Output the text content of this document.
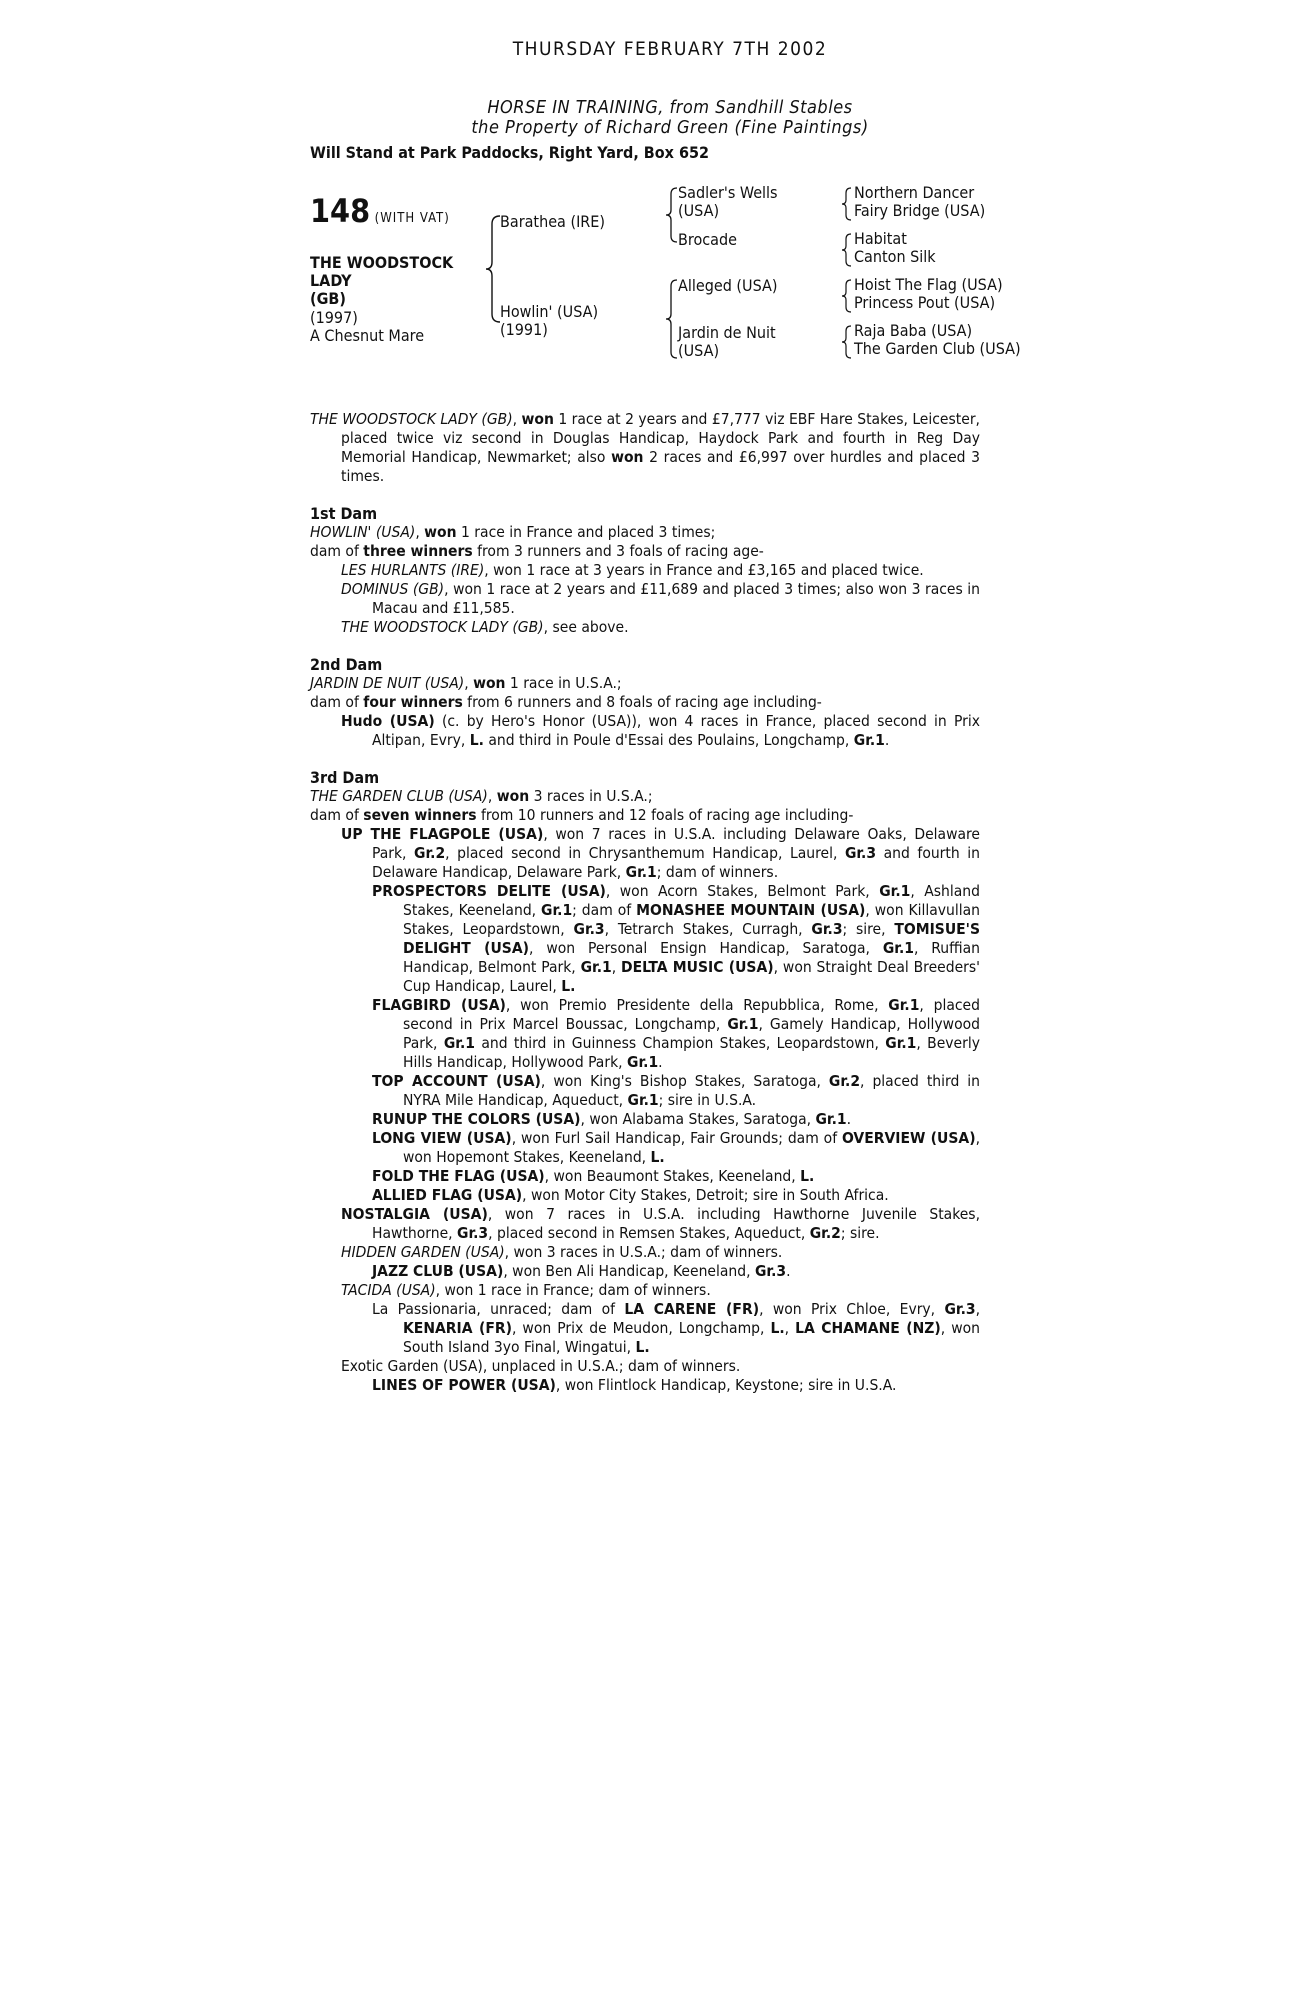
THURSDAY FEBRUARY 7TH 2002
HORSE IN TRAINING, from Sandhill Stables
the Property of Richard Green (Fine Paintings)
Will Stand at Park Paddocks, Right Yard, Box 652
148 (WITH VAT)
THE WOODSTOCK
LADY
(GB)
(1997)
A Chesnut Mare
Barathea (IRE)
Howlin' (USA)
(1991)
Sadler's Wells
(USA)
Brocade
Alleged (USA)
Jardin de Nuit
(USA)
Northern Dancer
Fairy Bridge (USA)
Habitat
Canton Silk
Hoist The Flag (USA)
Princess Pout (USA)
Raja Baba (USA)
The Garden Club (USA)

THE WOODSTOCK LADY (GB), won 1 race at 2 years and £7,777 viz EBF Hare Stakes, Leicester, placed twice viz second in Douglas Handicap, Haydock Park and fourth in Reg Day Memorial Handicap, Newmarket; also won 2 races and £6,997 over hurdles and placed 3 times.

1st Dam

HOWLIN' (USA), won 1 race in France and placed 3 times;

dam of three winners from 3 runners and 3 foals of racing age-

LES HURLANTS (IRE), won 1 race at 3 years in France and £3,165 and placed twice.

DOMINUS (GB), won 1 race at 2 years and £11,689 and placed 3 times; also won 3 races in Macau and £11,585.

THE WOODSTOCK LADY (GB), see above.

2nd Dam

JARDIN DE NUIT (USA), won 1 race in U.S.A.;

dam of four winners from 6 runners and 8 foals of racing age including-

Hudo (USA) (c. by Hero's Honor (USA)), won 4 races in France, placed second in Prix Altipan, Evry, L. and third in Poule d'Essai des Poulains, Longchamp, Gr.1.

3rd Dam

THE GARDEN CLUB (USA), won 3 races in U.S.A.;

dam of seven winners from 10 runners and 12 foals of racing age including-

UP THE FLAGPOLE (USA), won 7 races in U.S.A. including Delaware Oaks, Delaware Park, Gr.2, placed second in Chrysanthemum Handicap, Laurel, Gr.3 and fourth in Delaware Handicap, Delaware Park, Gr.1; dam of winners.

PROSPECTORS DELITE (USA), won Acorn Stakes, Belmont Park, Gr.1, Ashland Stakes, Keeneland, Gr.1; dam of MONASHEE MOUNTAIN (USA), won Killavullan Stakes, Leopardstown, Gr.3, Tetrarch Stakes, Curragh, Gr.3; sire, TOMISUE'S DELIGHT (USA), won Personal Ensign Handicap, Saratoga, Gr.1, Ruffian Handicap, Belmont Park, Gr.1, DELTA MUSIC (USA), won Straight Deal Breeders' Cup Handicap, Laurel, L.

FLAGBIRD (USA), won Premio Presidente della Repubblica, Rome, Gr.1, placed second in Prix Marcel Boussac, Longchamp, Gr.1, Gamely Handicap, Hollywood Park, Gr.1 and third in Guinness Champion Stakes, Leopardstown, Gr.1, Beverly Hills Handicap, Hollywood Park, Gr.1.

TOP ACCOUNT (USA), won King's Bishop Stakes, Saratoga, Gr.2, placed third in NYRA Mile Handicap, Aqueduct, Gr.1; sire in U.S.A.

RUNUP THE COLORS (USA), won Alabama Stakes, Saratoga, Gr.1.

LONG VIEW (USA), won Furl Sail Handicap, Fair Grounds; dam of OVERVIEW (USA), won Hopemont Stakes, Keeneland, L.

FOLD THE FLAG (USA), won Beaumont Stakes, Keeneland, L.

ALLIED FLAG (USA), won Motor City Stakes, Detroit; sire in South Africa.

NOSTALGIA (USA), won 7 races in U.S.A. including Hawthorne Juvenile Stakes, Hawthorne, Gr.3, placed second in Remsen Stakes, Aqueduct, Gr.2; sire.

HIDDEN GARDEN (USA), won 3 races in U.S.A.; dam of winners.

JAZZ CLUB (USA), won Ben Ali Handicap, Keeneland, Gr.3.

TACIDA (USA), won 1 race in France; dam of winners.

La Passionaria, unraced; dam of LA CARENE (FR), won Prix Chloe, Evry, Gr.3, KENARIA (FR), won Prix de Meudon, Longchamp, L., LA CHAMANE (NZ), won South Island 3yo Final, Wingatui, L.

Exotic Garden (USA), unplaced in U.S.A.; dam of winners.

LINES OF POWER (USA), won Flintlock Handicap, Keystone; sire in U.S.A.
